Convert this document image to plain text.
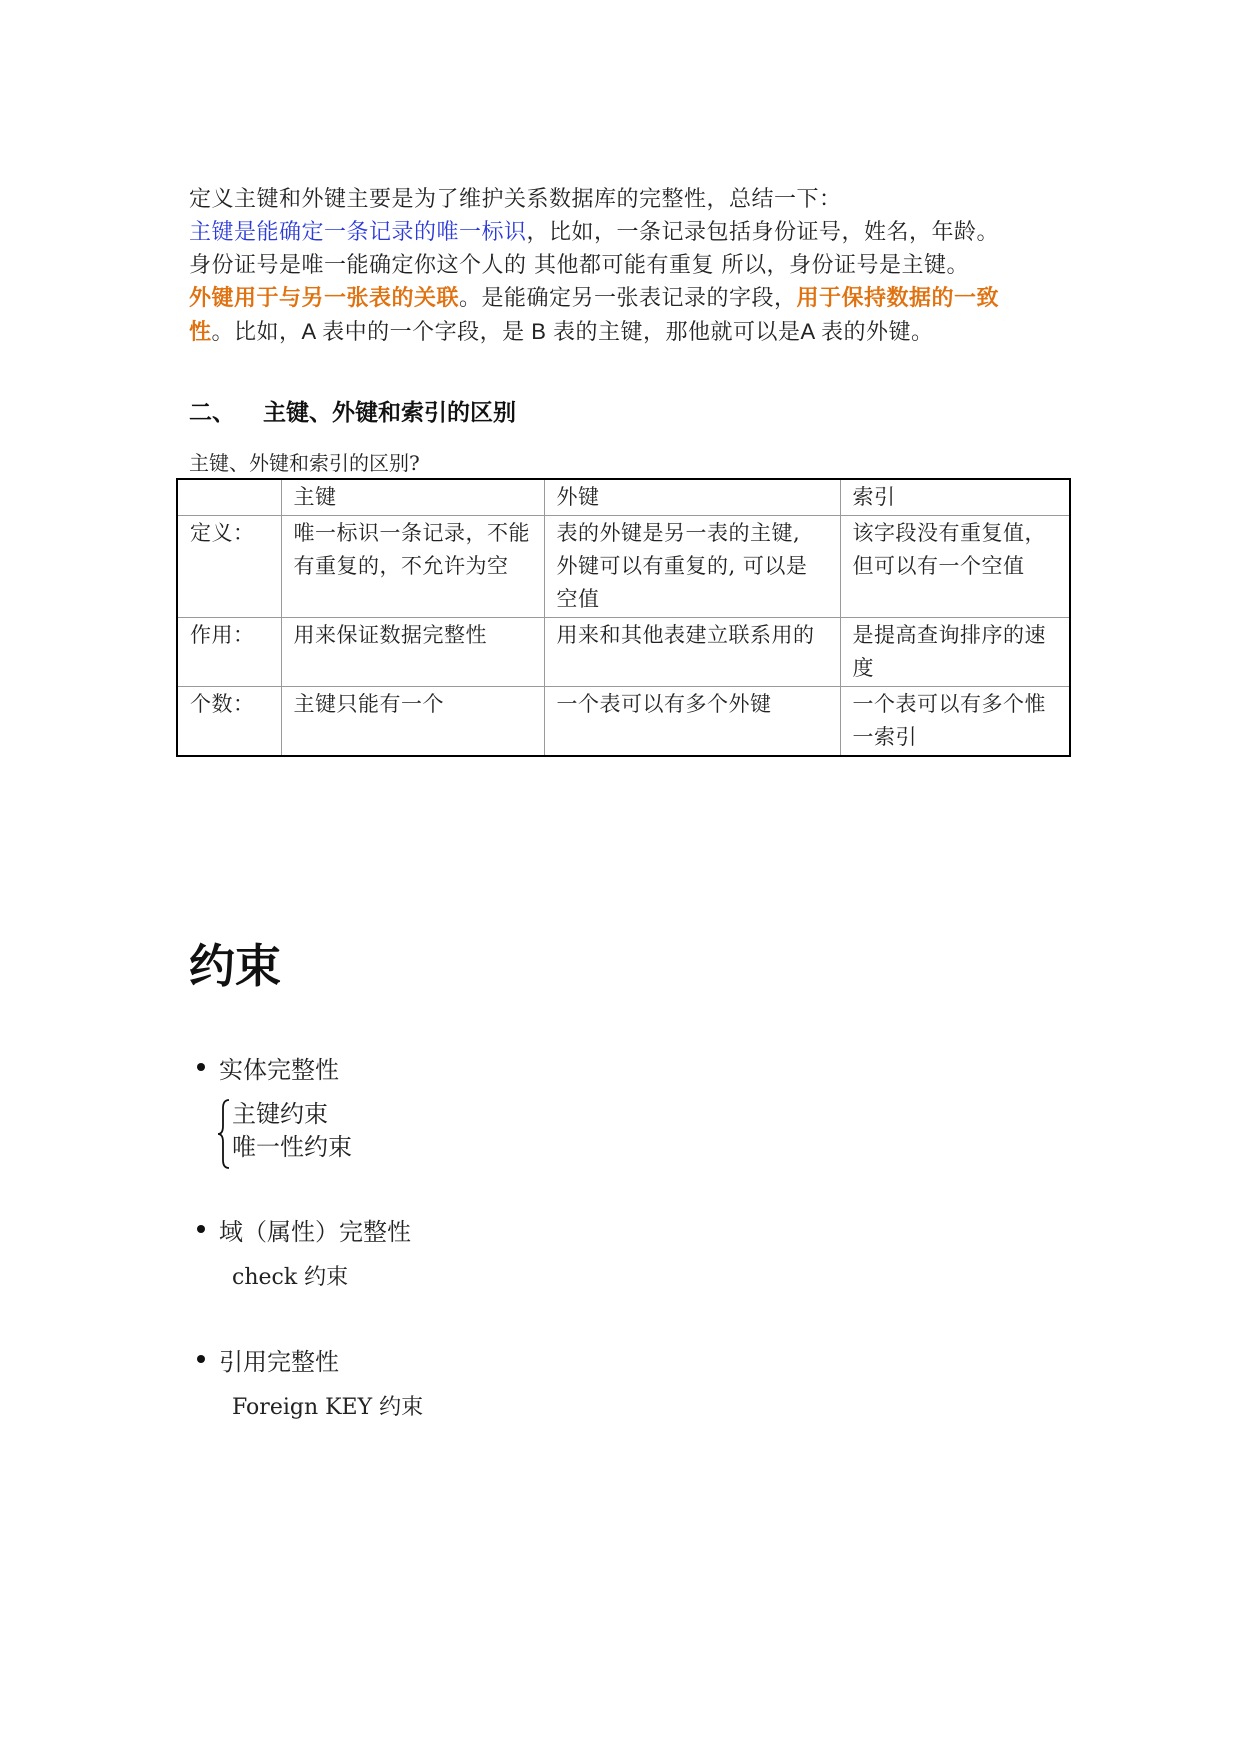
定义主键和外键主要是为了维护关系数据库的完整性，总结一下：

主键是能确定一条记录的唯一标识，比如，一条记录包括身份证号，姓名，年龄。

身份证号是唯一能确定你这个人的 其他都可能有重复 所以，身份证号是主键。

外键用于与另一张表的关联。是能确定另一张表记录的字段，用于保持数据的一致

性。比如，A 表中的一个字段，是 B 表的主键，那他就可以是A 表的外键。

二、 主键、外键和索引的区别

主键、外键和索引的区别?

	主键	外键	索引
定义：	唯一标识一条记录，不能有重复的，不允许为空	表的外键是另一表的主键, 外键可以有重复的, 可以是空值	该字段没有重复值，但可以有一个空值
作用：	用来保证数据完整性	用来和其他表建立联系用的	是提高查询排序的速度
个数：	主键只能有一个	一个表可以有多个外键	一个表可以有多个惟一索引
约束
实体完整性
主键约束
唯一性约束
域（属性）完整性
check 约束
引用完整性
Foreign KEY 约束
